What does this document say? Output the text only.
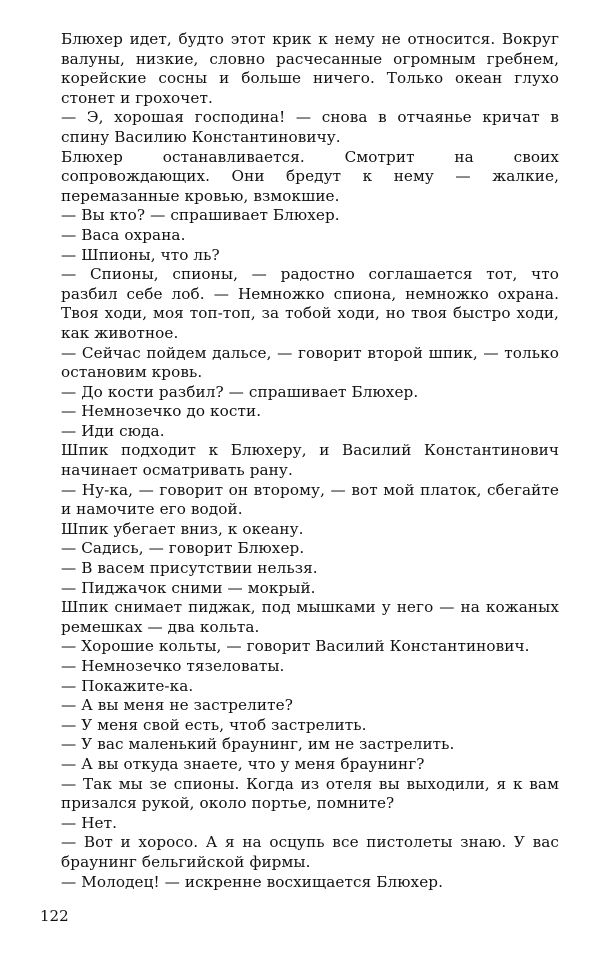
Блюхер идет, будто этот крик к нему не относится. Вокруг валуны, низкие, словно расчесанные огромным гребнем, корейские сосны и больше ничего. Только океан глухо стонет и грохочет.

— Э, хорошая господина! — снова в отчаянье кричат в спину Василию Константиновичу.

Блюхер останавливается. Смотрит на своих сопровождающих. Они бредут к нему — жалкие, перемазанные кровью, взмокшие.

— Вы кто? — спрашивает Блюхер.

— Васа охрана.

— Шпионы, что ль?

— Спионы, спионы, — радостно соглашается тот, что разбил себе лоб. — Немножко спиона, немножко охрана. Твоя ходи, моя топ-топ, за тобой ходи, но твоя быстро ходи, как животное.

— Сейчас пойдем дальсе, — говорит второй шпик, — только остановим кровь.

— До кости разбил? — спрашивает Блюхер.

— Немнозечко до кости.

— Иди сюда.

Шпик подходит к Блюхеру, и Василий Константинович начинает осматривать рану.

— Ну-ка, — говорит он второму, — вот мой платок, сбегайте и намочите его водой.

Шпик убегает вниз, к океану.

— Садись, — говорит Блюхер.

— В васем присутствии нельзя.

— Пиджачок сними — мокрый.

Шпик снимает пиджак, под мышками у него — на кожаных ремешках — два кольта.

— Хорошие кольты, — говорит Василий Константинович.

— Немнозечко тязеловаты.

— Покажите-ка.

— А вы меня не застрелите?

— У меня свой есть, чтоб застрелить.

— У вас маленький браунинг, им не застрелить.

— А вы откуда знаете, что у меня браунинг?

— Так мы зе спионы. Когда из отеля вы выходили, я к вам призался рукой, около портье, помните?

— Нет.

— Вот и хоросо. А я на осцупь все пистолеты знаю. У вас браунинг бельгийской фирмы.

— Молодец! — искренне восхищается Блюхер.

122
